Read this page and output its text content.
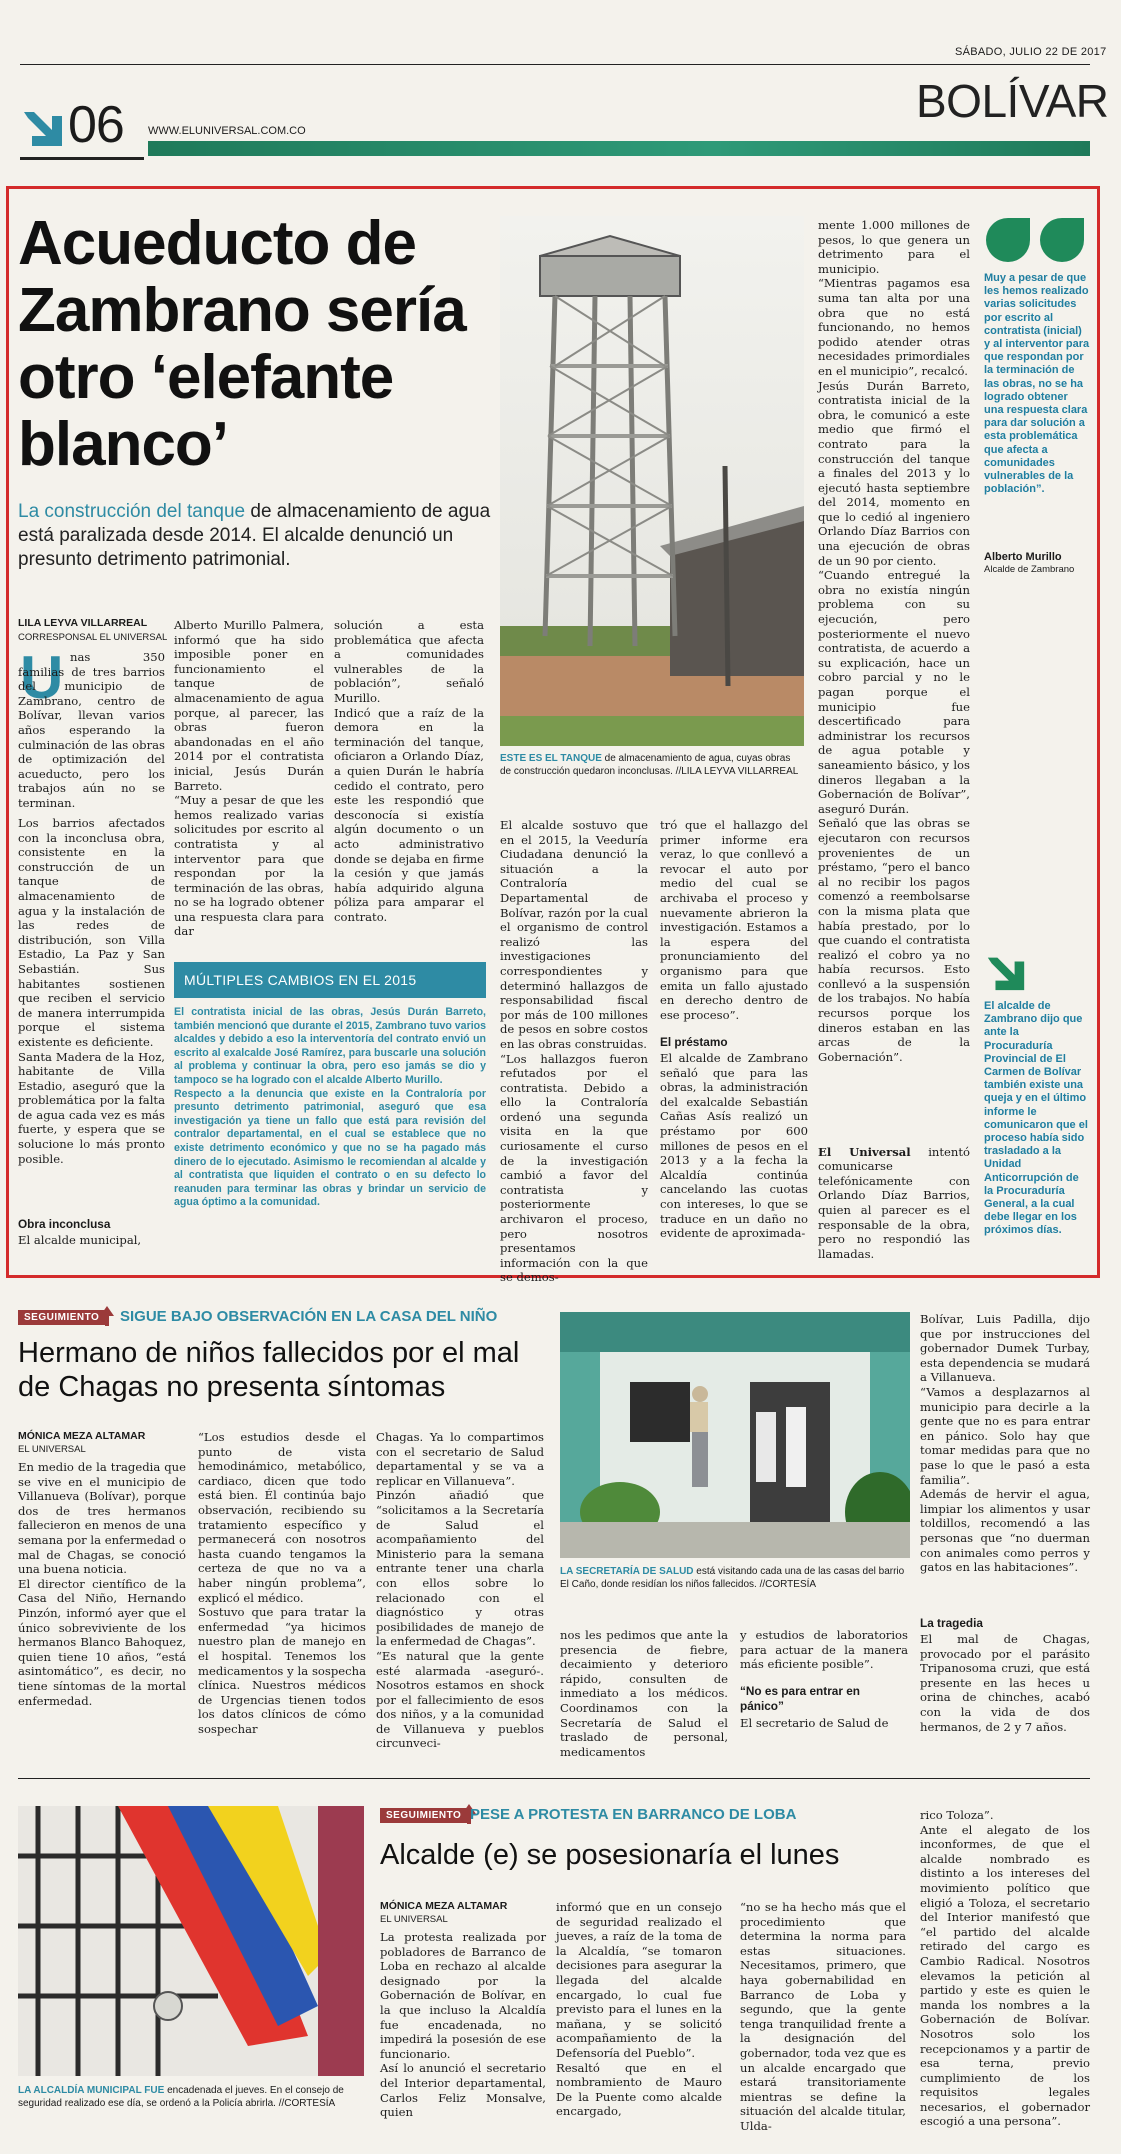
SÁBADO, JULIO 22 DE 2017
06 WWW.ELUNIVERSAL.COM.CO
BOLÍVAR
Acueducto de Zambrano sería otro ‘elefante blanco’
La construcción del tanque de almacenamiento de agua está paralizada desde 2014. El alcalde denunció un presunto detrimento patrimonial.
LILA LEYVA VILLARREAL
CORRESPONSAL EL UNIVERSAL
U nas 350 familias de tres barrios del municipio de Zambrano, centro de Bolívar, llevan varios años esperando la culminación de las obras de optimización del acueducto, pero los trabajos aún no se terminan.
Los barrios afectados con la inconclusa obra, consistente en la construcción de un tanque de almacenamiento de agua y la instalación de las redes de distribución, son Villa Estadio, La Paz y San Sebastián. Sus habitantes sostienen que reciben el servicio de manera interrumpida porque el sistema existente es deficiente.
Santa Madera de la Hoz, habitante de Villa Estadio, aseguró que la problemática por la falta de agua cada vez es más fuerte, y espera que se solucione lo más pronto posible.
Obra inconclusa
El alcalde municipal,
Alberto Murillo Palmera, informó que ha sido imposible poner en funcionamiento el tanque de almacenamiento de agua porque, al parecer, las obras fueron abandonadas en el año 2014 por el contratista inicial, Jesús Durán Barreto.
“Muy a pesar de que les hemos realizado varias solicitudes por escrito al contratista y al interventor para que respondan por la terminación de las obras, no se ha logrado obtener una respuesta clara para dar
solución a esta problemática que afecta a comunidades vulnerables de la población”, señaló Murillo.
Indicó que a raíz de la demora en la terminación del tanque, oficiaron a Orlando Díaz, a quien Durán le habría cedido el contrato, pero este les respondió que desconocía si existía algún documento o un acto administrativo donde se dejaba en firme la cesión y que jamás había adquirido alguna póliza para amparar el contrato.
MÚLTIPLES CAMBIOS EN EL 2015
El contratista inicial de las obras, Jesús Durán Barreto, también mencionó que durante el 2015, Zambrano tuvo varios alcaldes y debido a eso la interventoría del contrato envió un escrito al exalcalde José Ramírez, para buscarle una solución al problema y continuar la obra, pero eso jamás se dio y tampoco se ha logrado con el alcalde Alberto Murillo.
Respecto a la denuncia que existe en la Contraloría por presunto detrimento patrimonial, aseguró que esa investigación ya tiene un fallo que está para revisión del contralor departamental, en el cual se establece que no existe detrimento económico y que no se ha pagado más dinero de lo ejecutado. Asimismo le recomiendan al alcalde y al contratista que liquiden el contrato o en su defecto lo reanuden para terminar las obras y brindar un servicio de agua óptimo a la comunidad.
ESTE ES EL TANQUE de almacenamiento de agua, cuyas obras de construcción quedaron inconclusas. //LILA LEYVA VILLARREAL
El alcalde sostuvo que en el 2015, la Veeduría Ciudadana denunció la situación a la Contraloría Departamental de Bolívar, razón por la cual el organismo de control realizó las investigaciones correspondientes y determinó hallazgos de responsabilidad fiscal por más de 100 millones de pesos en sobre costos en las obras construidas.
“Los hallazgos fueron refutados por el contratista. Debido a ello la Contraloría ordenó una segunda visita en la que curiosamente el curso de la investigación cambió a favor del contratista y posteriormente archivaron el proceso, pero nosotros presentamos información con la que se demos-
tró que el hallazgo del primer informe era veraz, lo que conllevó a revocar el auto por medio del cual se archivaba el proceso y nuevamente abrieron la investigación. Estamos a la espera del pronunciamiento del organismo para que emita un fallo ajustado en derecho dentro de ese proceso”.
El préstamo
El alcalde de Zambrano señaló que para las obras, la administración del exalcalde Sebastián Cañas Asís realizó un préstamo por 600 millones de pesos en el 2013 y a la fecha la Alcaldía continúa cancelando las cuotas con intereses, lo que se traduce en un daño no evidente de aproximada-
mente 1.000 millones de pesos, lo que genera un detrimento para el municipio.
“Mientras pagamos esa suma tan alta por una obra que no está funcionando, no hemos podido atender otras necesidades primordiales en el municipio”, recalcó.
Jesús Durán Barreto, contratista inicial de la obra, le comunicó a este medio que firmó el contrato para la construcción del tanque a finales del 2013 y lo ejecutó hasta septiembre del 2014, momento en que lo cedió al ingeniero Orlando Díaz Barrios con una ejecución de obras de un 90 por ciento.
“Cuando entregué la obra no existía ningún problema con su ejecución, pero posteriormente el nuevo contratista, de acuerdo a su explicación, hace un cobro parcial y no le pagan porque el municipio fue descertificado para administrar los recursos de agua potable y saneamiento básico, y los dineros llegaban a la Gobernación de Bolívar”, aseguró Durán.
Señaló que las obras se ejecutaron con recursos provenientes de un préstamo, “pero el banco al no recibir los pagos comenzó a reembolsarse con la misma plata que había prestado, por lo que cuando el contratista realizó el cobro ya no había recursos. Esto conllevó a la suspensión de los trabajos. No había recursos porque los dineros estaban en las arcas de la Gobernación”.

El Universal intentó comunicarse telefónicamente con Orlando Díaz Barrios, quien al parecer es el responsable de la obra, pero no respondió las llamadas.

Muy a pesar de que les hemos realizado varias solicitudes por escrito al contratista (inicial) y al interventor para que respondan por la terminación de las obras, no se ha logrado obtener una respuesta clara para dar solución a esta problemática que afecta a comunidades vulnerables de la población”.
Alberto Murillo
Alcalde de Zambrano
El alcalde de Zambrano dijo que ante la Procuraduría Provincial de El Carmen de Bolívar también existe una queja y en el último informe le comunicaron que el proceso había sido trasladado a la Unidad Anticorrupción de la Procuraduría General, a la cual debe llegar en los próximos días.
SEGUIMIENTO	SIGUE BAJO OBSERVACIÓN EN LA CASA DEL NIÑO
Hermano de niños fallecidos por el mal de Chagas no presenta síntomas
MÓNICA MEZA ALTAMAR
EL UNIVERSAL
En medio de la tragedia que se vive en el municipio de Villanueva (Bolívar), porque dos de tres hermanos fallecieron en menos de una semana por la enfermedad o mal de Chagas, se conoció una buena noticia.
El director científico de la Casa del Niño, Hernando Pinzón, informó ayer que el único sobreviviente de los hermanos Blanco Bahoquez, quien tiene 10 años, “está asintomático”, es decir, no tiene síntomas de la mortal enfermedad.
“Los estudios desde el punto de vista hemodinámico, metabólico, cardiaco, dicen que todo está bien. Él continúa bajo observación, recibiendo su tratamiento específico y permanecerá con nosotros hasta cuando tengamos la certeza de que no va a haber ningún problema”, explicó el médico.
Sostuvo que para tratar la enfermedad “ya hicimos nuestro plan de manejo en el hospital. Tenemos los medicamentos y la sospecha clínica. Nuestros médicos de Urgencias tienen todos los datos clínicos de cómo sospechar
Chagas. Ya lo compartimos con el secretario de Salud departamental y se va a replicar en Villanueva”.
Pinzón añadió que “solicitamos a la Secretaría de Salud el acompañamiento del Ministerio para la semana entrante tener una charla con ellos sobre lo relacionado con el diagnóstico y otras posibilidades de manejo de la enfermedad de Chagas”.
“Es natural que la gente esté alarmada -aseguró-. Nosotros estamos en shock por el fallecimiento de esos dos niños, y a la comunidad de Villanueva y pueblos circunveci-
LA SECRETARÍA DE SALUD está visitando cada una de las casas del barrio El Caño, donde residían los niños fallecidos. //CORTESÍA
nos les pedimos que ante la presencia de fiebre, decaimiento y deterioro rápido, consulten de inmediato a los médicos. Coordinamos con la Secretaría de Salud el traslado de personal, medicamentos
y estudios de laboratorios para actuar de la manera más eficiente posible”.
“No es para entrar en pánico”
El secretario de Salud de
Bolívar, Luis Padilla, dijo que por instrucciones del gobernador Dumek Turbay, esta dependencia se mudará a Villanueva.
“Vamos a desplazarnos al municipio para decirle a la gente que no es para entrar en pánico. Solo hay que tomar medidas para que no pase lo que le pasó a esta familia”.
Además de hervir el agua, limpiar los alimentos y usar toldillos, recomendó a las personas que “no duerman con animales como perros y gatos en las habitaciones”.
La tragedia
El mal de Chagas, provocado por el parásito Tripanosoma cruzi, que está presente en las heces u orina de chinches, acabó con la vida de dos hermanos, de 2 y 7 años.
LA ALCALDÍA MUNICIPAL FUE encadenada el jueves. En el consejo de seguridad realizado ese día, se ordenó a la Policía abrirla. //CORTESÍA
SEGUIMIENTO PESE A PROTESTA EN BARRANCO DE LOBA
Alcalde (e) se posesionaría el lunes
MÓNICA MEZA ALTAMAR
EL UNIVERSAL
La protesta realizada por pobladores de Barranco de Loba en rechazo al alcalde designado por la Gobernación de Bolívar, en la que incluso la Alcaldía fue encadenada, no impedirá la posesión de ese funcionario.
Así lo anunció el secretario del Interior departamental, Carlos Feliz Monsalve, quien
informó que en un consejo de seguridad realizado el jueves, a raíz de la toma de la Alcaldía, “se tomaron decisiones para asegurar la llegada del alcalde encargado, lo cual fue previsto para el lunes en la mañana, y se solicitó acompañamiento de la Defensoría del Pueblo”.
Resaltó que en el nombramiento de Mauro De la Puente como alcalde encargado,
“no se ha hecho más que el procedimiento que determina la norma para estas situaciones. Necesitamos, primero, que haya gobernabilidad en Barranco de Loba y segundo, que la gente tenga tranquilidad frente a la designación del gobernador, toda vez que es un alcalde encargado que estará transitoriamente mientras se define la situación del alcalde titular, Ulda-
rico Toloza”.
Ante el alegato de los inconformes, de que el alcalde nombrado es distinto a los intereses del movimiento político que eligió a Toloza, el secretario del Interior manifestó que “el partido del alcalde retirado del cargo es Cambio Radical. Nosotros elevamos la petición al partido y este es quien le manda los nombres a la Gobernación de Bolívar. Nosotros solo los recepcionamos y a partir de esa terna, previo cumplimiento de los requisitos legales necesarios, el gobernador escogió a una persona”.
